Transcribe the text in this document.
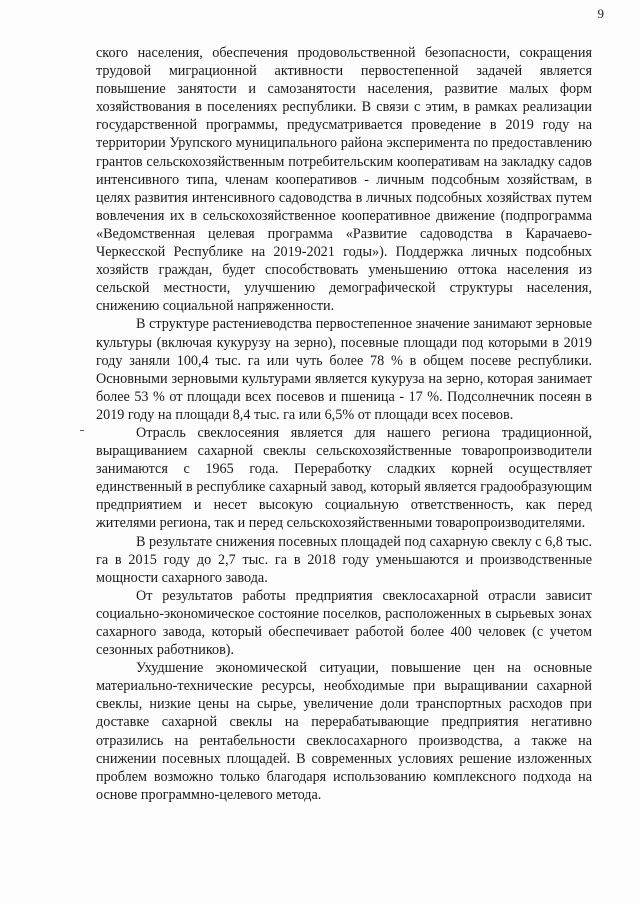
9

ского населения, обеспечения продовольственной безопасности, сокращения трудовой миграционной активности первостепенной задачей является повышение занятости и самозанятости населения, развитие малых форм хозяйствования в поселениях республики. В связи с этим, в рамках реализации государственной программы, предусматривается проведение в 2019 году на территории Урупского муниципального района эксперимента по предоставлению грантов сельскохозяйственным потребительским кооперативам на закладку садов интенсивного типа, членам кооперативов - личным подсобным хозяйствам, в целях развития интенсивного садоводства в личных подсобных хозяйствах путем вовлечения их в сельскохозяйственное кооперативное движение (подпрограмма «Ведомственная целевая программа «Развитие садоводства в Карачаево-Черкесской Республике на 2019-2021 годы»). Поддержка личных подсобных хозяйств граждан, будет способствовать уменьшению оттока населения из сельской местности, улучшению демографической структуры населения, снижению социальной напряженности.

В структуре растениеводства первостепенное значение занимают зерновые культуры (включая кукурузу на зерно), посевные площади под которыми в 2019 году заняли 100,4 тыс. га или чуть более 78 % в общем посеве республики. Основными зерновыми культурами является кукуруза на зерно, которая занимает более 53 % от площади всех посевов и пшеница - 17 %. Подсолнечник посеян в 2019 году на площади 8,4 тыс. га или 6,5% от площади всех посевов.

Отрасль свеклосеяния является для нашего региона традиционной, выращиванием сахарной свеклы сельскохозяйственные товаропроизводители занимаются с 1965 года. Переработку сладких корней осуществляет единственный в республике сахарный завод, который является градообразующим предприятием и несет высокую социальную ответственность, как перед жителями региона, так и перед сельскохозяйственными товаропроизводителями.

В результате снижения посевных площадей под сахарную свеклу с 6,8 тыс. га в 2015 году до 2,7 тыс. га в 2018 году уменьшаются и производственные мощности сахарного завода.

От результатов работы предприятия свеклосахарной отрасли зависит социально-экономическое состояние поселков, расположенных в сырьевых зонах сахарного завода, который обеспечивает работой более 400 человек (с учетом сезонных работников).

Ухудшение экономической ситуации, повышение цен на основные материально-технические ресурсы, необходимые при выращивании сахарной свеклы, низкие цены на сырье, увеличение доли транспортных расходов при доставке сахарной свеклы на перерабатывающие предприятия негативно отразились на рентабельности свеклосахарного производства, а также на снижении посевных площадей. В современных условиях решение изложенных проблем возможно только благодаря использованию комплексного подхода на основе программно-целевого метода.
